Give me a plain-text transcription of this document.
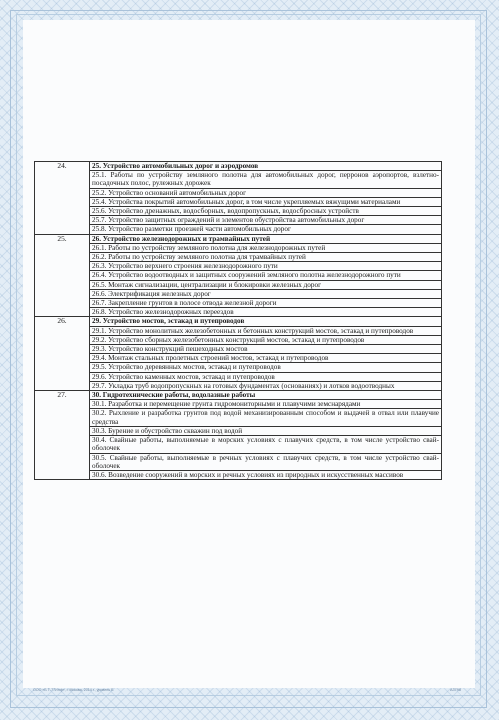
24.	25. Устройство автомобильных дорог и аэродромов
	25.1. Работы по устройству земляного полотна для автомобильных дорог, перронов аэропортов, взлетно-посадочных полос, рулежных дорожек
	25.2. Устройство оснований автомобильных дорог
	25.4. Устройства покрытий автомобильных дорог, в том числе укрепляемых вяжущими материалами
	25.6. Устройство дренажных, водосборных, водопропускных, водосбросных устройств
	25.7. Устройство защитных ограждений и элементов обустройства автомобильных дорог
	25.8. Устройство разметки проезжей части автомобильных дорог
25.	26. Устройство железнодорожных и трамвайных путей
	26.1. Работы по устройству земляного полотна для железнодорожных путей
	26.2. Работы по устройству земляного полотна для трамвайных путей
	26.3. Устройство верхнего строения железнодорожного пути
	26.4. Устройство водоотводных и защитных сооружений земляного полотна железнодорожного пути
	26.5. Монтаж сигнализации, централизации и блокировки железных дорог
	26.6. Электрификация железных дорог
	26.7. Закрепление грунтов в полосе отвода железной дороги
	26.8. Устройство железнодорожных переездов
26.	29. Устройство мостов, эстакад и путепроводов
	29.1. Устройство монолитных железобетонных и бетонных конструкций мостов, эстакад и путепроводов
	29.2. Устройство сборных железобетонных конструкций мостов, эстакад и путепроводов
	29.3. Устройство конструкций пешеходных мостов
	29.4. Монтаж стальных пролетных строений мостов, эстакад и путепроводов
	29.5. Устройство деревянных мостов, эстакад и путепроводов
	29.6. Устройство каменных мостов, эстакад и путепроводов
	29.7. Укладка труб водопропускных на готовых фундаментах (основаниях) и лотков водоотводных
27.	30. Гидротехнические работы, водолазные работы
	30.1. Разработка и перемещение грунта гидромониторными и плавучими земснарядами
	30.2. Рыхление и разработка грунтов под водой механизированным способом и выдачей в отвал или плавучие средства
	30.3. Бурение и обустройство скважин под водой
	30.4. Свайные работы, выполняемые в морских условиях с плавучих средств, в том числе устройство свай-оболочек
	30.5. Свайные работы, выполняемые в речных условиях с плавучих средств, в том числе устройство свай-оболочек
	30.6. Возведение сооружений в морских и речных условиях из природных и искусственных массивов
ООО «Б Т-77Инф», г. Москва, 2014 г., уровень Б	А3798
